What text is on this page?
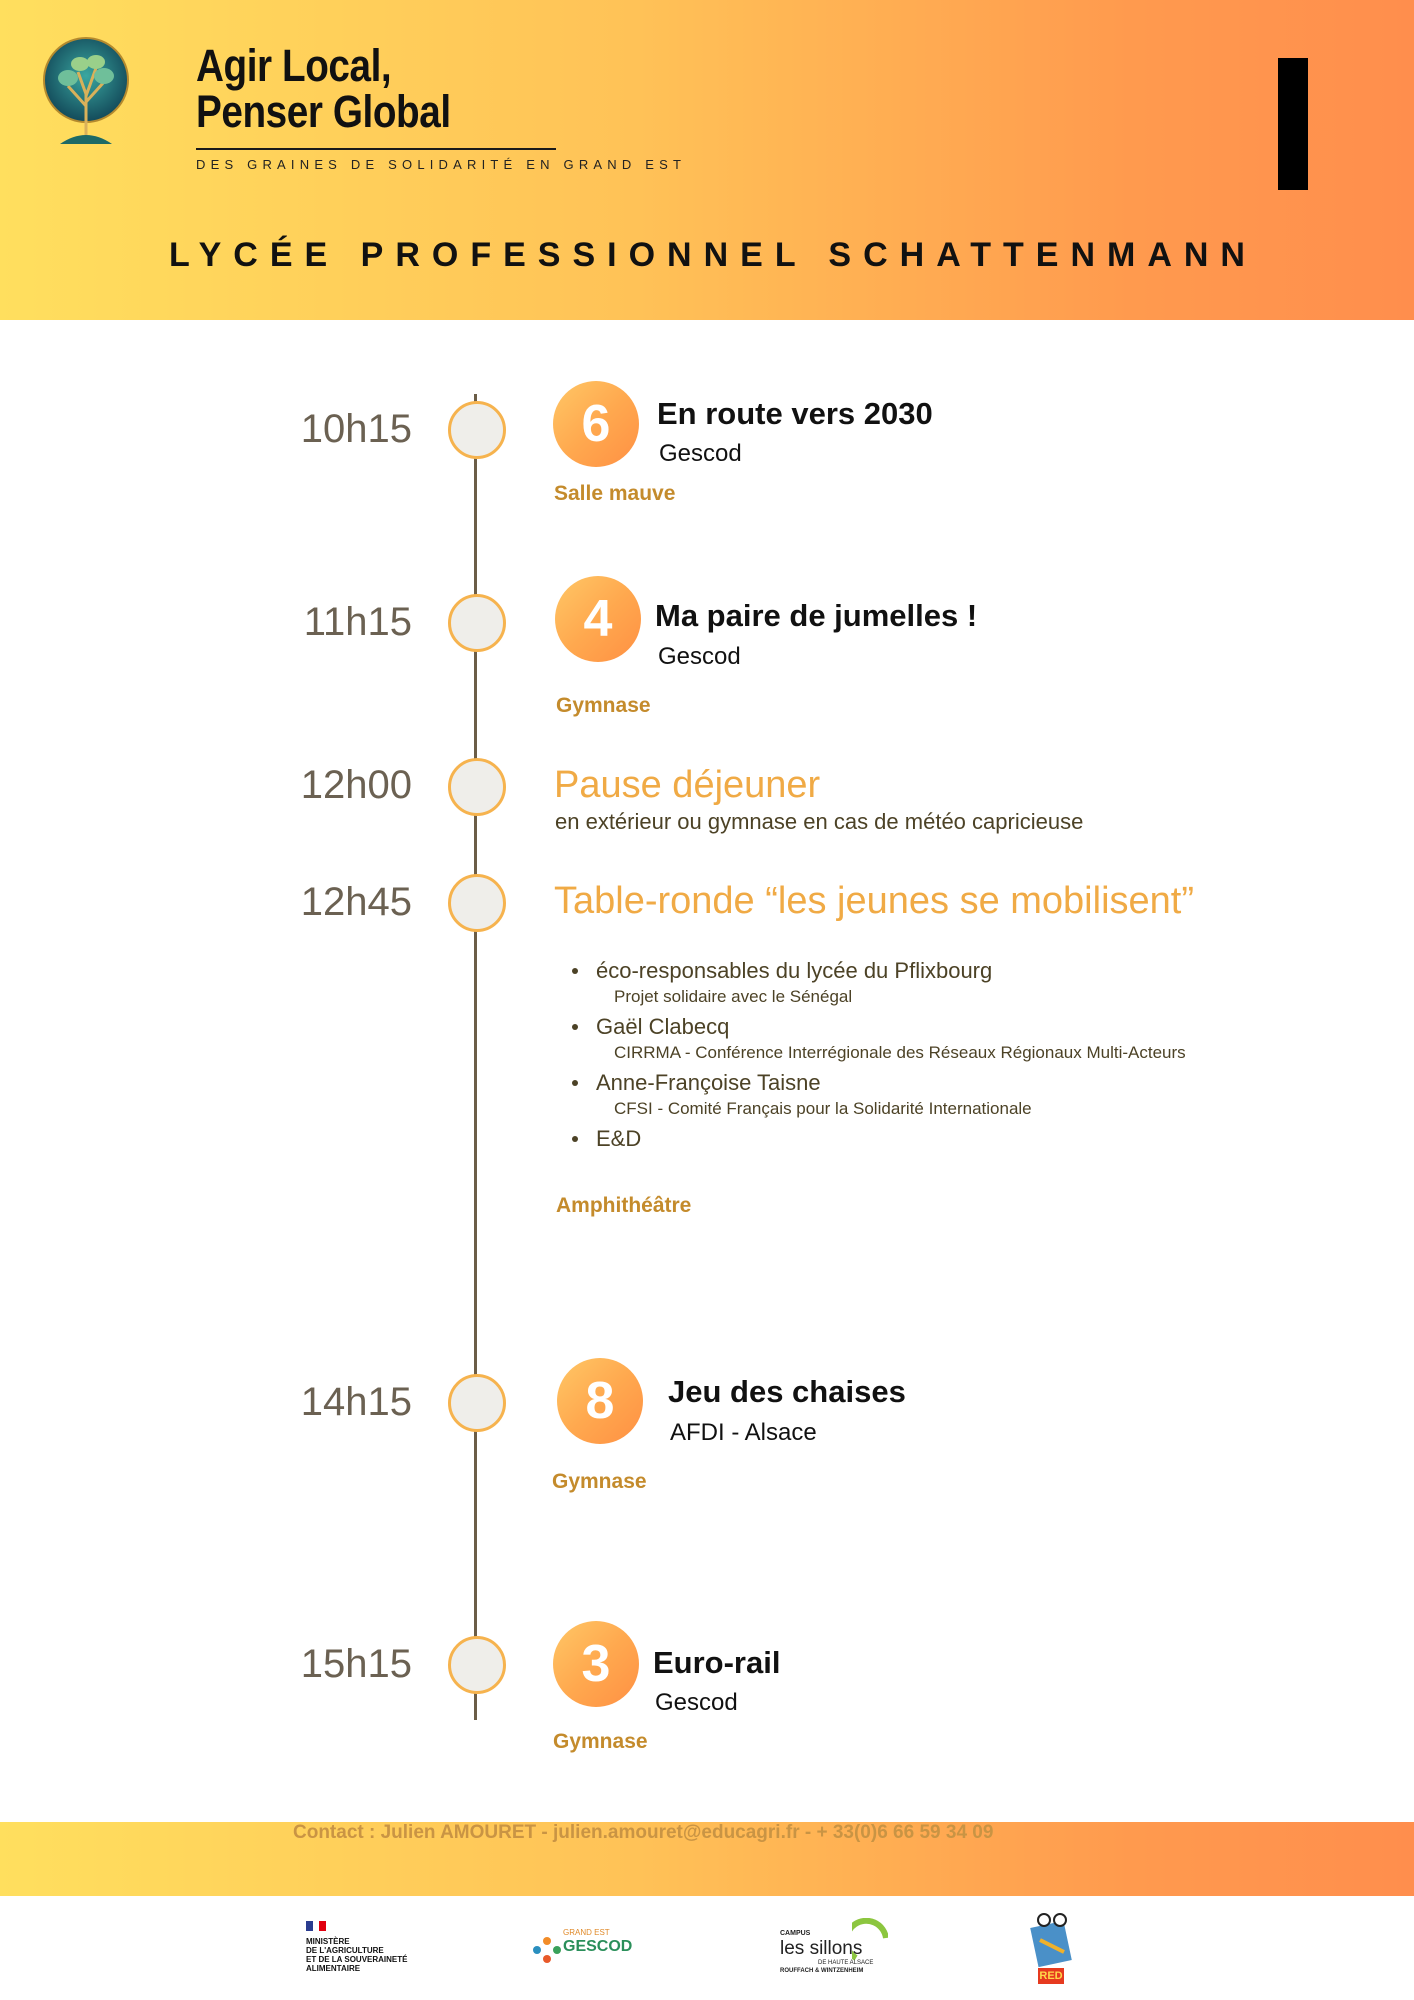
Agir Local,
Penser Global
DES GRAINES DE SOLIDARITÉ EN GRAND EST
LYCÉE PROFESSIONNEL SCHATTENMANN
10h15	6	En route vers 2030
Gescod
Salle mauve
11h15	4	Ma paire de jumelles !
Gescod
Gymnase
12h00	Pause déjeuner
en extérieur ou gymnase en cas de météo capricieuse
12h45	Table-ronde “les jeunes se mobilisent”
éco-responsables du lycée du Pflixbourg
Projet solidaire avec le Sénégal
Gaël Clabecq
CIRRMA - Conférence Interrégionale des Réseaux Régionaux Multi-Acteurs
Anne-Françoise Taisne
CFSI - Comité Français pour la Solidarité Internationale
E&D
Amphithéâtre
14h15	8	Jeu des chaises
AFDI - Alsace
Gymnase
15h15	3	Euro-rail
Gescod
Gymnase
Contact : Julien AMOURET - julien.amouret@educagri.fr - + 33(0)6 66 59 34 09
MINISTÈRE
DE L'AGRICULTURE
ET DE LA SOUVERAINETÉ
ALIMENTAIRE
GRAND EST
GESCOD
CAMPUS
les sillons
DE HAUTE ALSACE
ROUFFACH & WINTZENHEIM	RED
